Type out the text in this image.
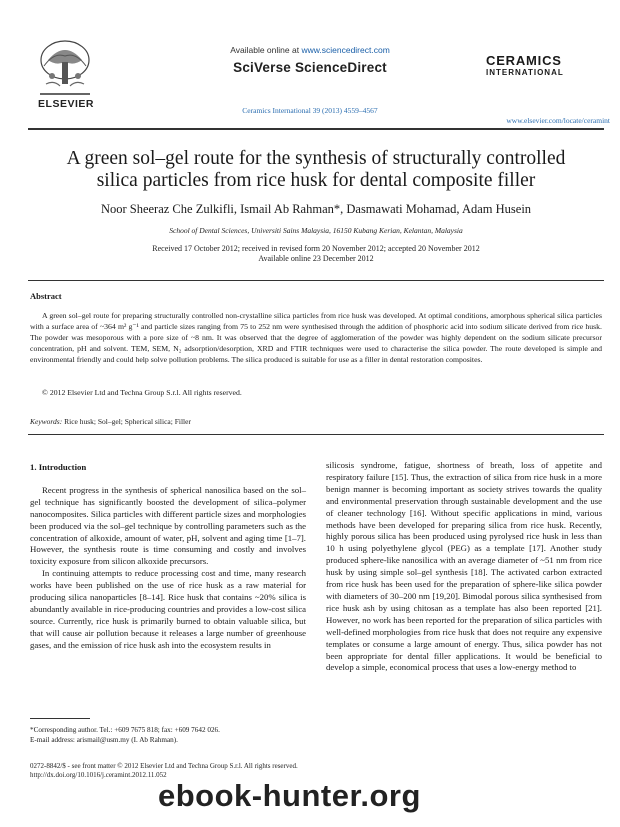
ELSEVIER
Available online at www.sciencedirect.com
SciVerse ScienceDirect
Ceramics International 39 (2013) 4559–4567
CERAMICS
INTERNATIONAL
www.elsevier.com/locate/ceramint
A green sol–gel route for the synthesis of structurally controlled
silica particles from rice husk for dental composite filler
Noor Sheeraz Che Zulkifli, Ismail Ab Rahman*, Dasmawati Mohamad, Adam Husein
School of Dental Sciences, Universiti Sains Malaysia, 16150 Kubang Kerian, Kelantan, Malaysia
Received 17 October 2012; received in revised form 20 November 2012; accepted 20 November 2012
Available online 23 December 2012
Abstract
A green sol–gel route for preparing structurally controlled non-crystalline silica particles from rice husk was developed. At optimal conditions, amorphous spherical silica particles with a surface area of ~364 m² g⁻¹ and particle sizes ranging from 75 to 252 nm were synthesised through the addition of phosphoric acid into sodium silicate derived from rice husk. The powder was mesoporous with a pore size of ~8 nm. It was observed that the degree of agglomeration of the powder was highly dependent on the sodium silicate precursor concentration, pH and solvent. TEM, SEM, N₂ adsorption/desorption, XRD and FTIR techniques were used to characterise the silica powder. The route developed is simple and environmental friendly and could help solve pollution problems. The silica produced is suitable for use as a filler in dental restoration composites.
© 2012 Elsevier Ltd and Techna Group S.r.l. All rights reserved.
Keywords: Rice husk; Sol–gel; Spherical silica; Filler
1. Introduction

Recent progress in the synthesis of spherical nanosilica based on the sol–gel technique has significantly boosted the development of silica–polymer nanocomposites. Silica particles with different particle sizes and morphologies been produced via the sol–gel technique by controlling parameters such as the concentration of alkoxide, amount of water, pH, solvent and aging time [1–7]. However, the synthesis route is time consuming and costly and involves toxicity exposure from silicon alkoxide precursors.

In continuing attempts to reduce processing cost and time, many research works have been published on the use of rice husk as a raw material for producing silica nanoparticles [8–14]. Rice husk that contains ~20% silica is abundantly available in rice-producing countries and provides a low-cost silica source. Currently, rice husk is primarily burned to obtain valuable silica, but that will cause air pollution because it releases a large number of greenhouse gases, and the emission of rice husk ash into the ecosystem results in

silicosis syndrome, fatigue, shortness of breath, loss of appetite and respiratory failure [15]. Thus, the extraction of silica from rice husk in a more benign manner is becoming important as society strives towards the quality and environmental preservation through sustainable development and the use of cleaner technology [16]. Without specific applications in mind, various methods have been developed for preparing silica from rice husk. Recently, highly porous silica has been produced using pyrolysed rice husk in less than 10 h using polyethylene glycol (PEG) as a template [17]. Another study produced sphere-like nanosilica with an average diameter of ~51 nm from rice husk by using simple sol–gel synthesis [18]. The activated carbon extracted from rice husk has been used for the preparation of sphere-like silica powder with diameters of 30–200 nm [19,20]. Bimodal porous silica synthesised from rice husk ash by using chitosan as a template has also been reported [21]. However, no work has been reported for the preparation of silica particles with well-defined morphologies from rice husk that does not require any expensive templates or consume a large amount of energy. Thus, silica powder has not been appropriate for dental filler applications. It would be beneficial to develop a simple, economical process that uses a low-energy method to

*Corresponding author. Tel.: +609 7675 818; fax: +609 7642 026.
E-mail address: arismail@usm.my (I. Ab Rahman).
0272-8842/$ - see front matter © 2012 Elsevier Ltd and Techna Group S.r.l. All rights reserved.
http://dx.doi.org/10.1016/j.ceramint.2012.11.052
ebook-hunter.org
